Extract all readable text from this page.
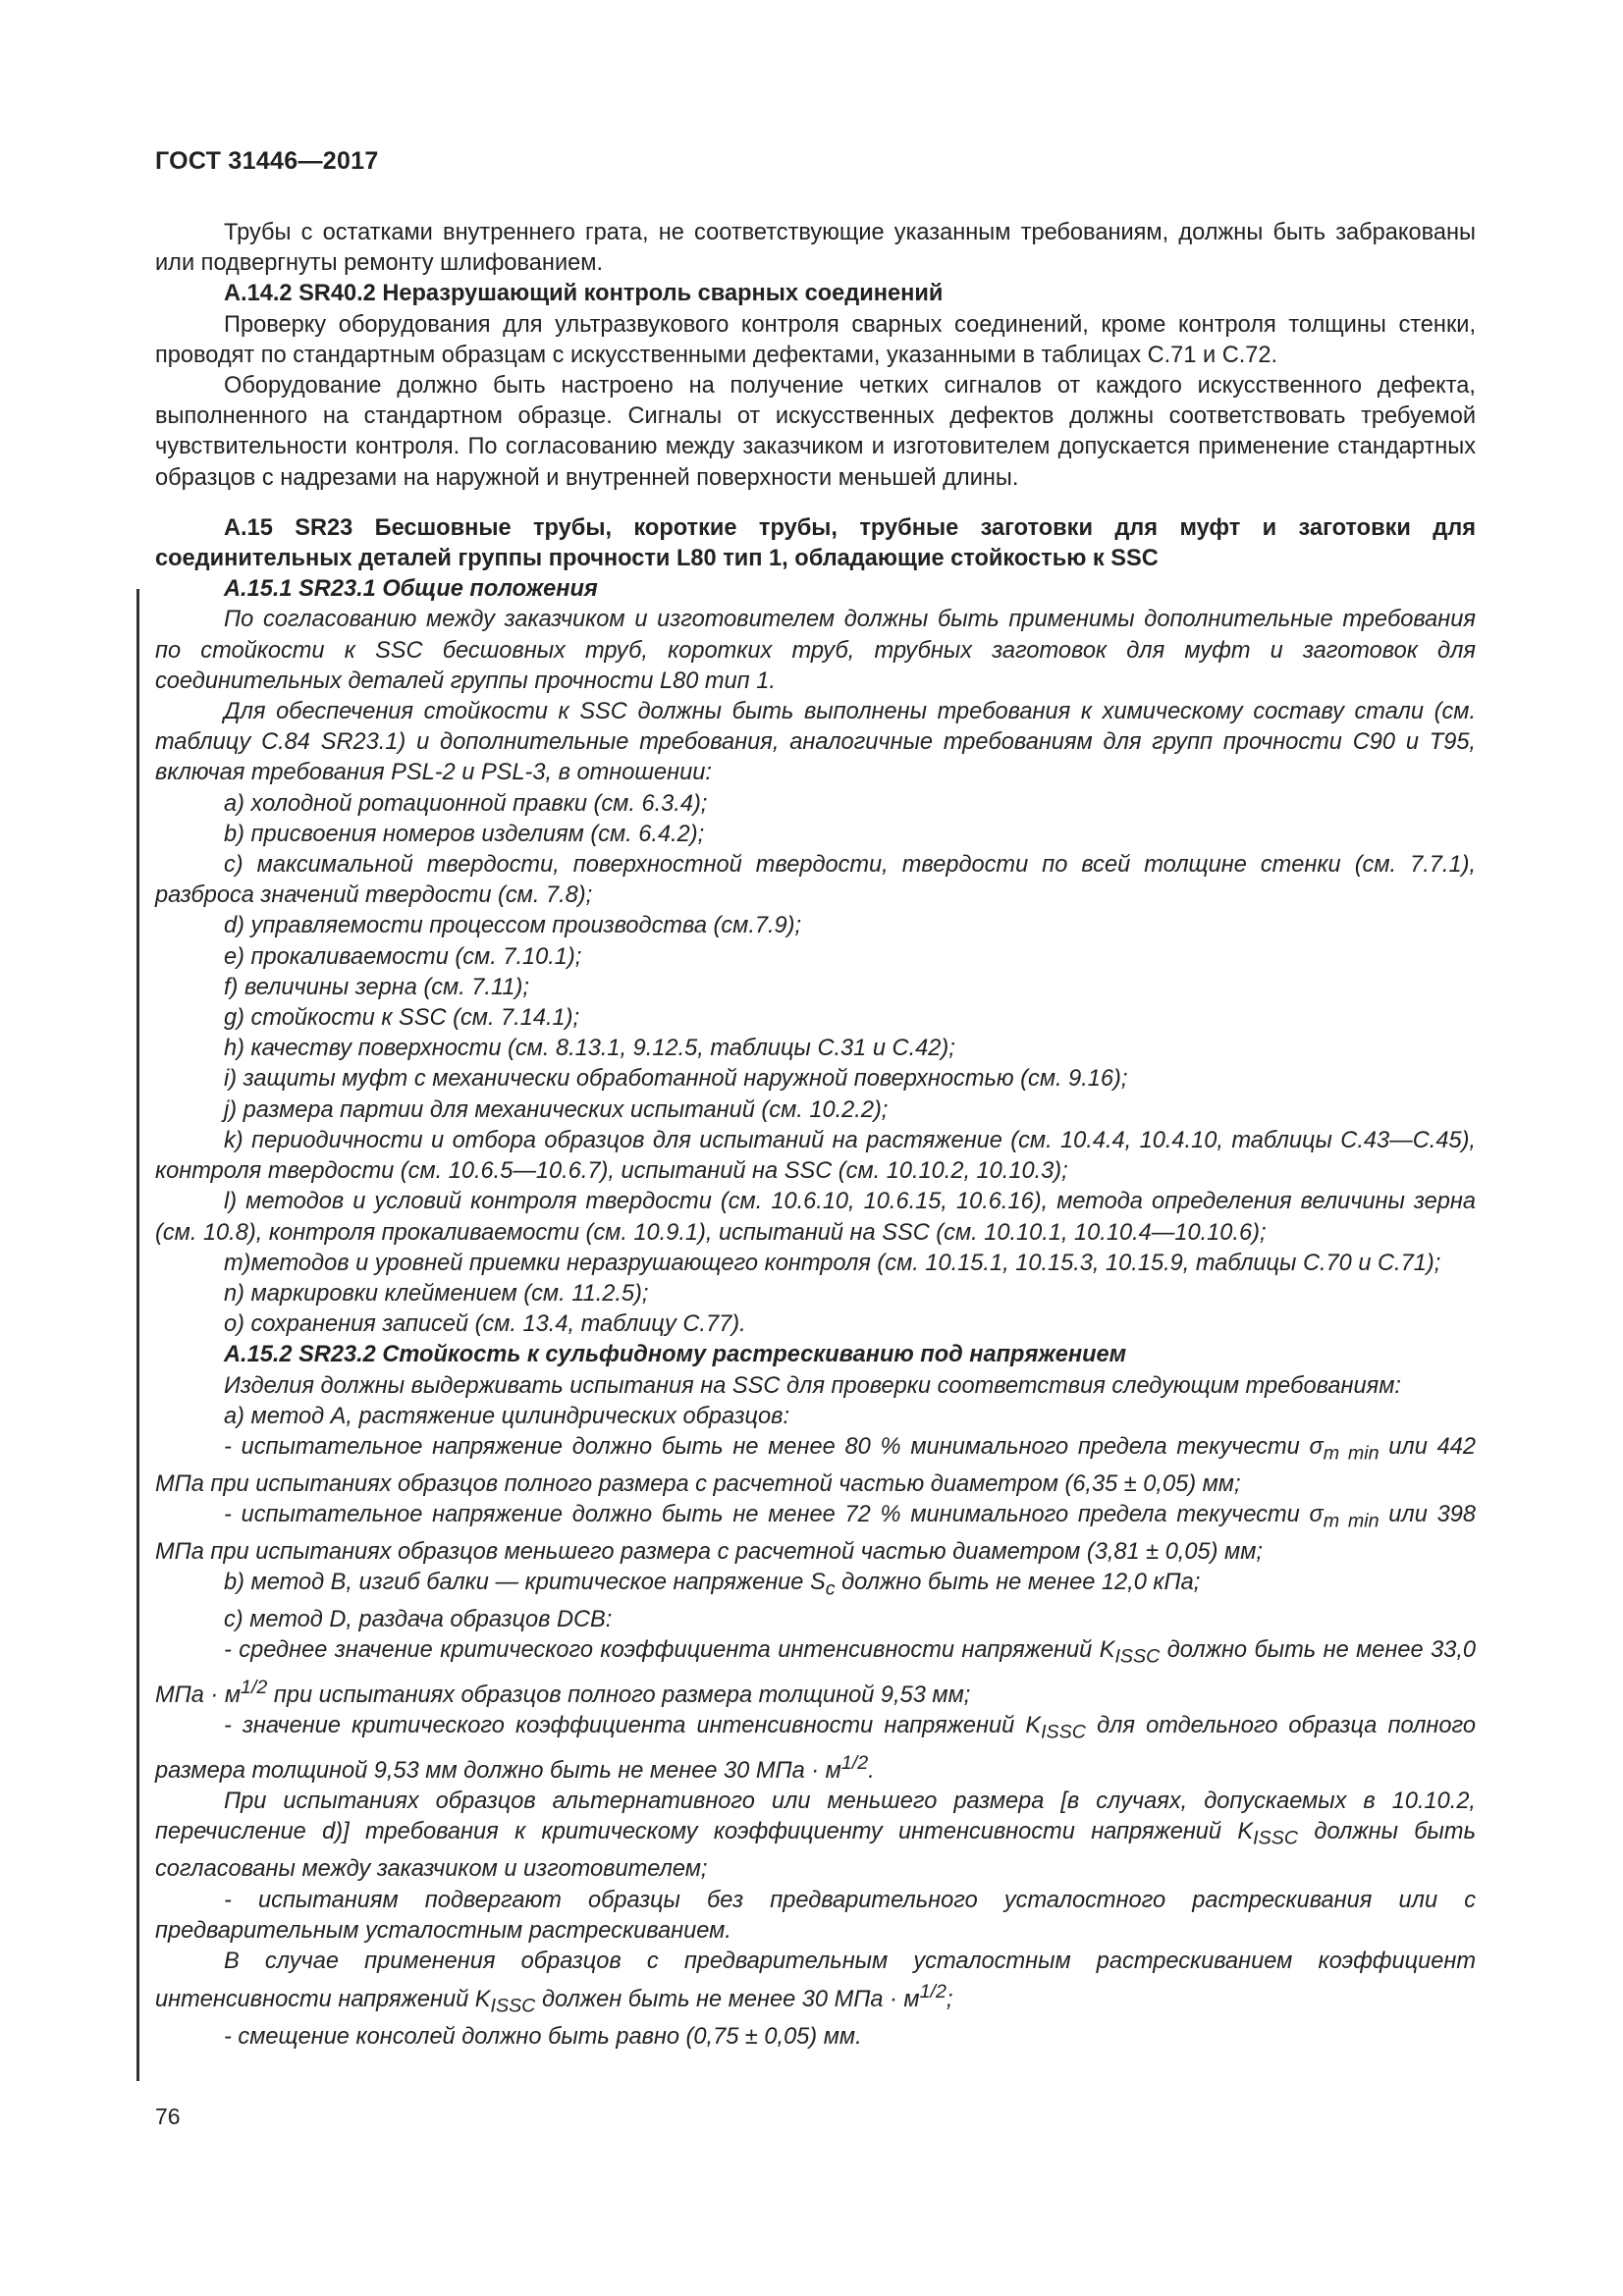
ГОСТ 31446—2017

Трубы с остатками внутреннего грата, не соответствующие указанным требованиям, должны быть забракованы или подвергнуты ремонту шлифованием.

А.14.2 SR40.2 Неразрушающий контроль сварных соединений

Проверку оборудования для ультразвукового контроля сварных соединений, кроме контроля толщины стенки, проводят по стандартным образцам с искусственными дефектами, указанными в таблицах С.71 и С.72.

Оборудование должно быть настроено на получение четких сигналов от каждого искусственного дефекта, выполненного на стандартном образце. Сигналы от искусственных дефектов должны соответствовать требуемой чувствительности контроля. По согласованию между заказчиком и изготовителем допускается применение стандартных образцов с надрезами на наружной и внутренней поверхности меньшей длины.

А.15 SR23 Бесшовные трубы, короткие трубы, трубные заготовки для муфт и заготовки для соединительных деталей группы прочности L80 тип 1, обладающие стойкостью к SSC

А.15.1 SR23.1 Общие положения

По согласованию между заказчиком и изготовителем должны быть применимы дополнительные требования по стойкости к SSC бесшовных труб, коротких труб, трубных заготовок для муфт и заготовок для соединительных деталей группы прочности L80 тип 1.

Для обеспечения стойкости к SSC должны быть выполнены требования к химическому составу стали (см. таблицу С.84 SR23.1) и дополнительные требования, аналогичные требованиям для групп прочности С90 и Т95, включая требования PSL-2 и PSL-3, в отношении:

a) холодной ротационной правки (см. 6.3.4);

b) присвоения номеров изделиям (см. 6.4.2);

c) максимальной твердости, поверхностной твердости, твердости по всей толщине стенки (см. 7.7.1), разброса значений твердости (см. 7.8);

d) управляемости процессом производства (см.7.9);

e) прокаливаемости (см. 7.10.1);

f) величины зерна (см. 7.11);

g) стойкости к SSC (см. 7.14.1);

h) качеству поверхности (см. 8.13.1, 9.12.5, таблицы С.31 и С.42);

i) защиты муфт с механически обработанной наружной поверхностью (см. 9.16);

j) размера партии для механических испытаний (см. 10.2.2);

k) периодичности и отбора образцов для испытаний на растяжение (см. 10.4.4, 10.4.10, таблицы С.43—С.45), контроля твердости (см. 10.6.5—10.6.7), испытаний на SSC (см. 10.10.2, 10.10.3);

l) методов и условий контроля твердости (см. 10.6.10, 10.6.15, 10.6.16), метода определения величины зерна (см. 10.8), контроля прокаливаемости (см. 10.9.1), испытаний на SSC (см. 10.10.1, 10.10.4—10.10.6);

m)методов и уровней приемки неразрушающего контроля (см. 10.15.1, 10.15.3, 10.15.9, таблицы С.70 и С.71);

n) маркировки клеймением (см. 11.2.5);

o) сохранения записей (см. 13.4, таблицу С.77).

А.15.2 SR23.2 Стойкость к сульфидному растрескиванию под напряжением

Изделия должны выдерживать испытания на SSC для проверки соответствия следующим требованиям:

a) метод А, растяжение цилиндрических образцов:

- испытательное напряжение должно быть не менее 80 % минимального предела текучести $\sigma_{т min}$ или 442 МПа при испытаниях образцов полного размера с расчетной частью диаметром (6,35 ± 0,05) мм;

- испытательное напряжение должно быть не менее 72 % минимального предела текучести $\sigma_{т min}$ или 398 МПа при испытаниях образцов меньшего размера с расчетной частью диаметром (3,81 ± 0,05) мм;

b) метод В, изгиб балки — критическое напряжение $S_c$ должно быть не менее 12,0 кПа;

c) метод D, раздача образцов DCB:

- среднее значение критического коэффициента интенсивности напряжений $K_{ISSC}$ должно быть не менее 33,0 МПа · $м^{1/2}$ при испытаниях образцов полного размера толщиной 9,53 мм;

- значение критического коэффициента интенсивности напряжений $K_{ISSC}$ для отдельного образца полного размера толщиной 9,53 мм должно быть не менее 30 МПа · $м^{1/2}$.

При испытаниях образцов альтернативного или меньшего размера [в случаях, допускаемых в 10.10.2, перечисление d)] требования к критическому коэффициенту интенсивности напряжений $K_{ISSC}$ должны быть согласованы между заказчиком и изготовителем;

- испытаниям подвергают образцы без предварительного усталостного растрескивания или с предварительным усталостным растрескиванием.

В случае применения образцов с предварительным усталостным растрескиванием коэффициент интенсивности напряжений $K_{ISSC}$ должен быть не менее 30 МПа · $м^{1/2}$;

- смещение консолей должно быть равно (0,75 ± 0,05) мм.

76
